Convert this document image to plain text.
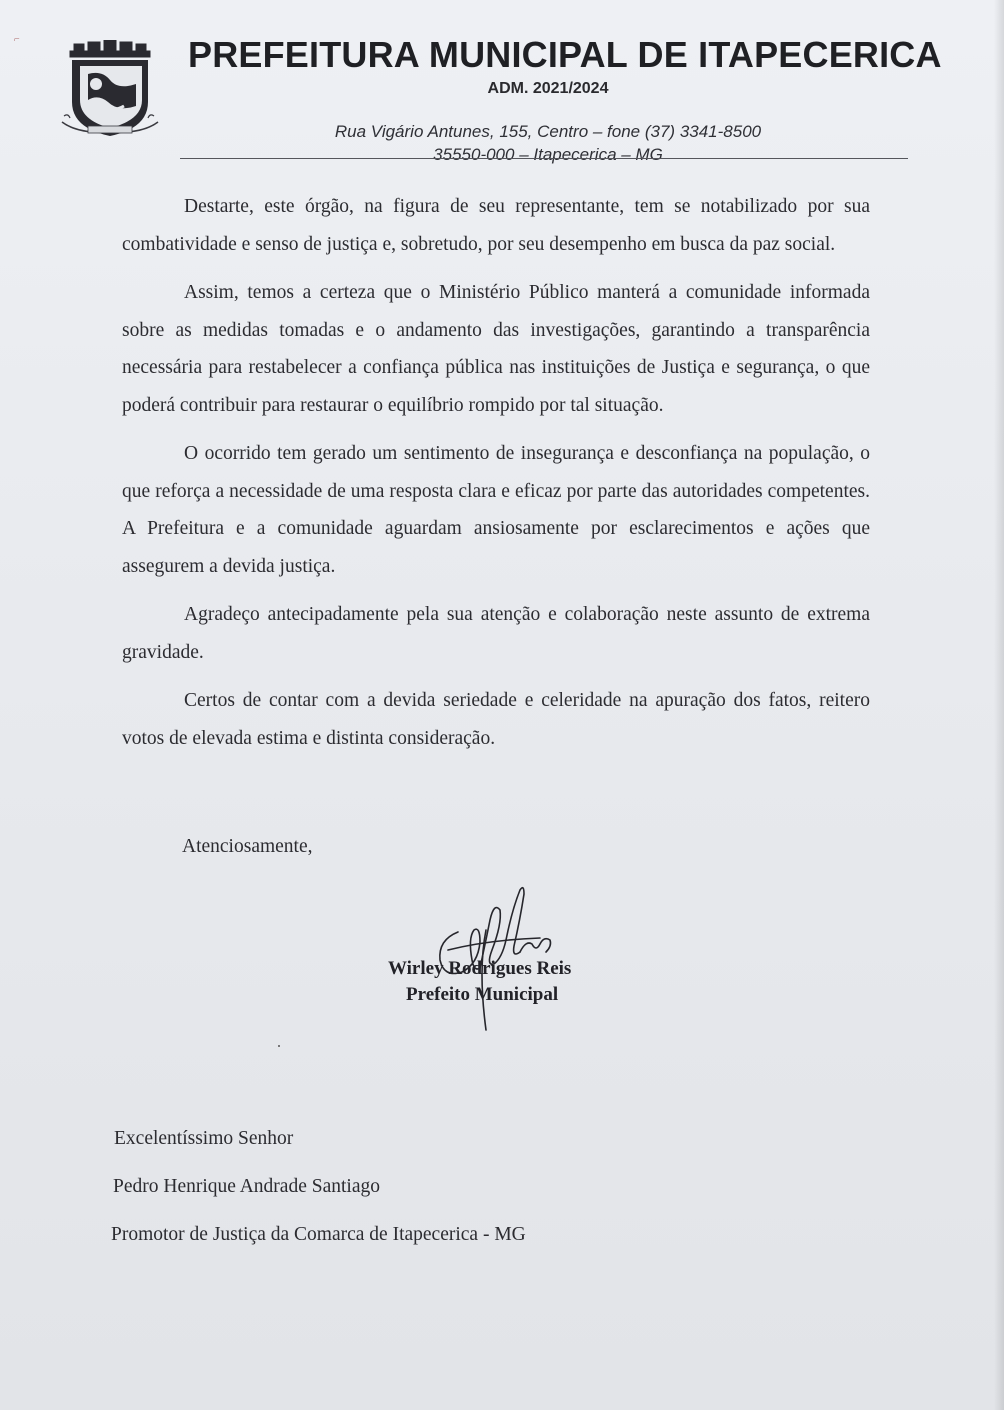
⌐	PREFEITURA MUNICIPAL DE ITAPECERICA
ADM. 2021/2024
Rua Vigário Antunes, 155, Centro – fone (37) 3341-8500
35550-000 – Itapecerica – MG

Destarte, este órgão, na figura de seu representante, tem se notabilizado por sua combatividade e senso de justiça e, sobretudo, por seu desempenho em busca da paz social.

Assim, temos a certeza que o Ministério Público manterá a comunidade informada sobre as medidas tomadas e o andamento das investigações, garantindo a transparência necessária para restabelecer a confiança pública nas instituições de Justiça e segurança, o que poderá contribuir para restaurar o equilíbrio rompido por tal situação.

O ocorrido tem gerado um sentimento de insegurança e desconfiança na população, o que reforça a necessidade de uma resposta clara e eficaz por parte das autoridades competentes. A Prefeitura e a comunidade aguardam ansiosamente por esclarecimentos e ações que assegurem a devida justiça.

Agradeço antecipadamente pela sua atenção e colaboração neste assunto de extrema gravidade.

Certos de contar com a devida seriedade e celeridade na apuração dos fatos, reitero votos de elevada estima e distinta consideração.

Atenciosamente,
Wirley Rodrigues Reis
Prefeito Municipal
Excelentíssimo Senhor
Pedro Henrique Andrade Santiago
Promotor de Justiça da Comarca de Itapecerica - MG
